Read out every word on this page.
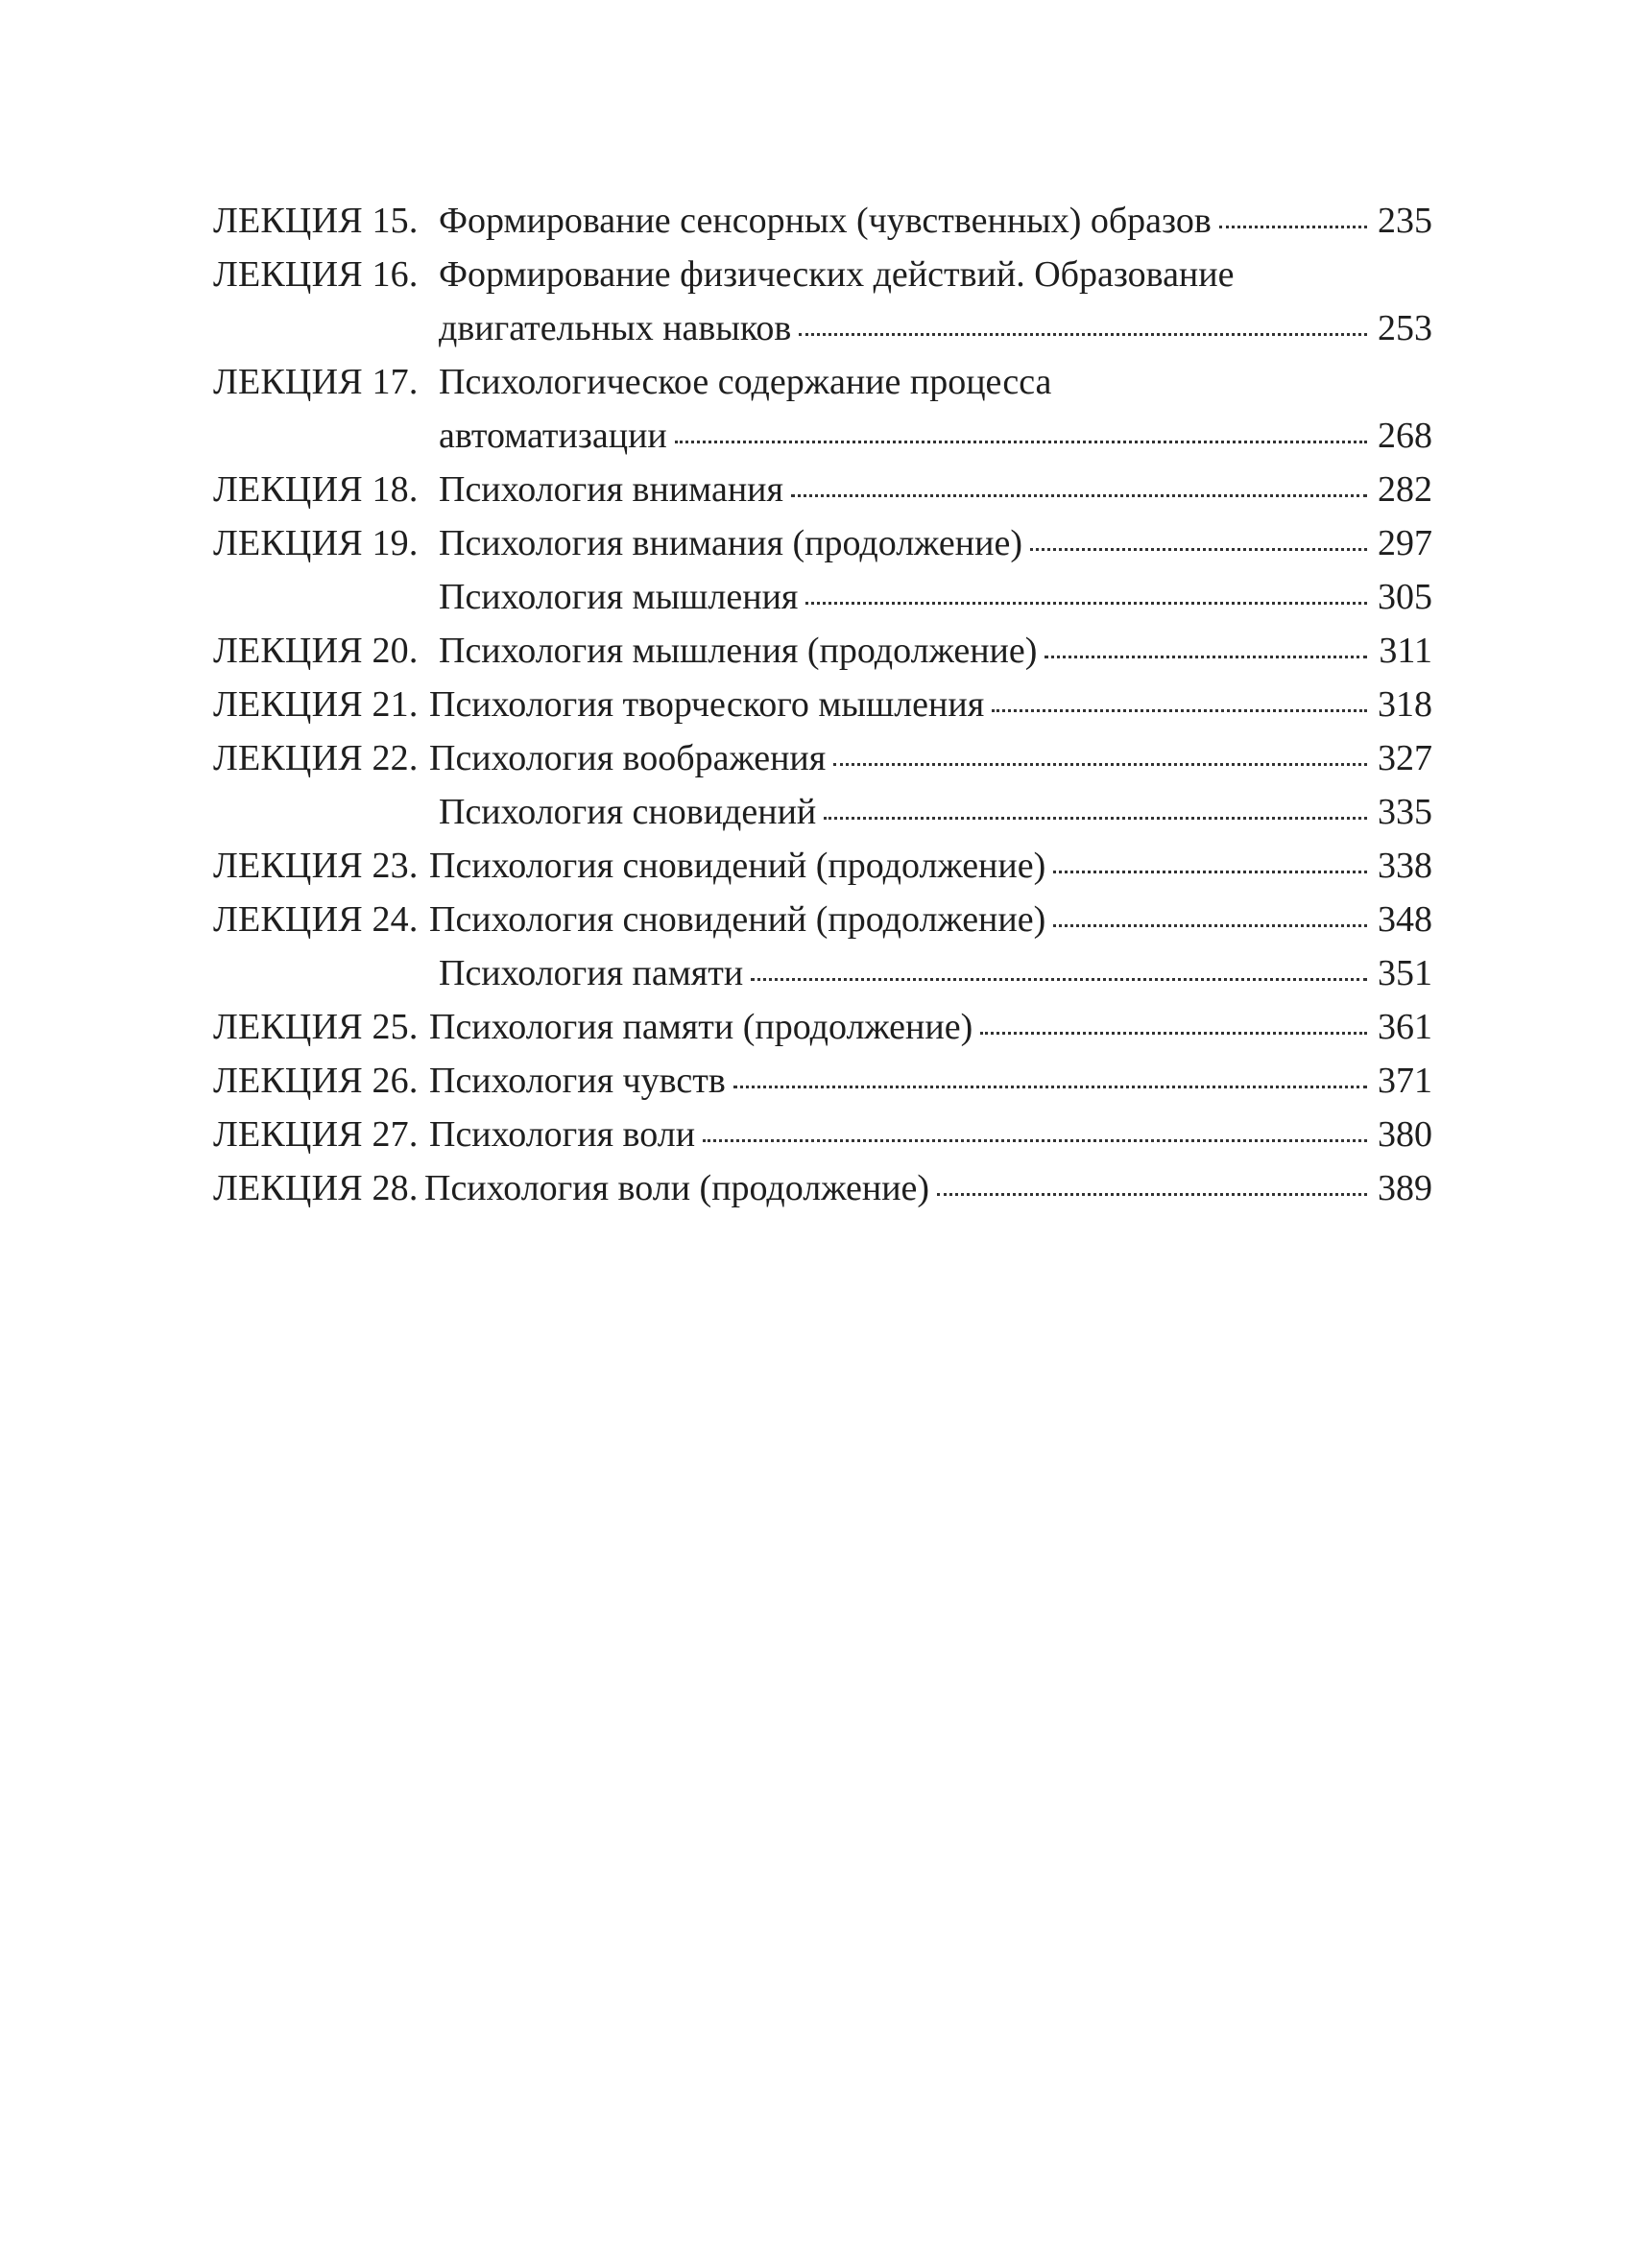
ЛЕКЦИЯ 15. Формирование сенсорных (чувственных) образов	235
ЛЕКЦИЯ 16. Формирование физических действий. Образование
двигательных навыков	253
ЛЕКЦИЯ 17. Психологическое содержание процесса
автоматизации	268
ЛЕКЦИЯ 18. Психология внимания	282
ЛЕКЦИЯ 19. Психология внимания (продолжение)	297
Психология мышления	305
ЛЕКЦИЯ 20. Психология мышления (продолжение)	311
ЛЕКЦИЯ 21. Психология творческого мышления	318
ЛЕКЦИЯ 22. Психология воображения	327
Психология сновидений	335
ЛЕКЦИЯ 23. Психология сновидений (продолжение)	338
ЛЕКЦИЯ 24. Психология сновидений (продолжение)	348
Психология памяти	351
ЛЕКЦИЯ 25. Психология памяти (продолжение)	361
ЛЕКЦИЯ 26. Психология чувств	371
ЛЕКЦИЯ 27. Психология воли	380
ЛЕКЦИЯ 28. Психология воли (продолжение)	389
